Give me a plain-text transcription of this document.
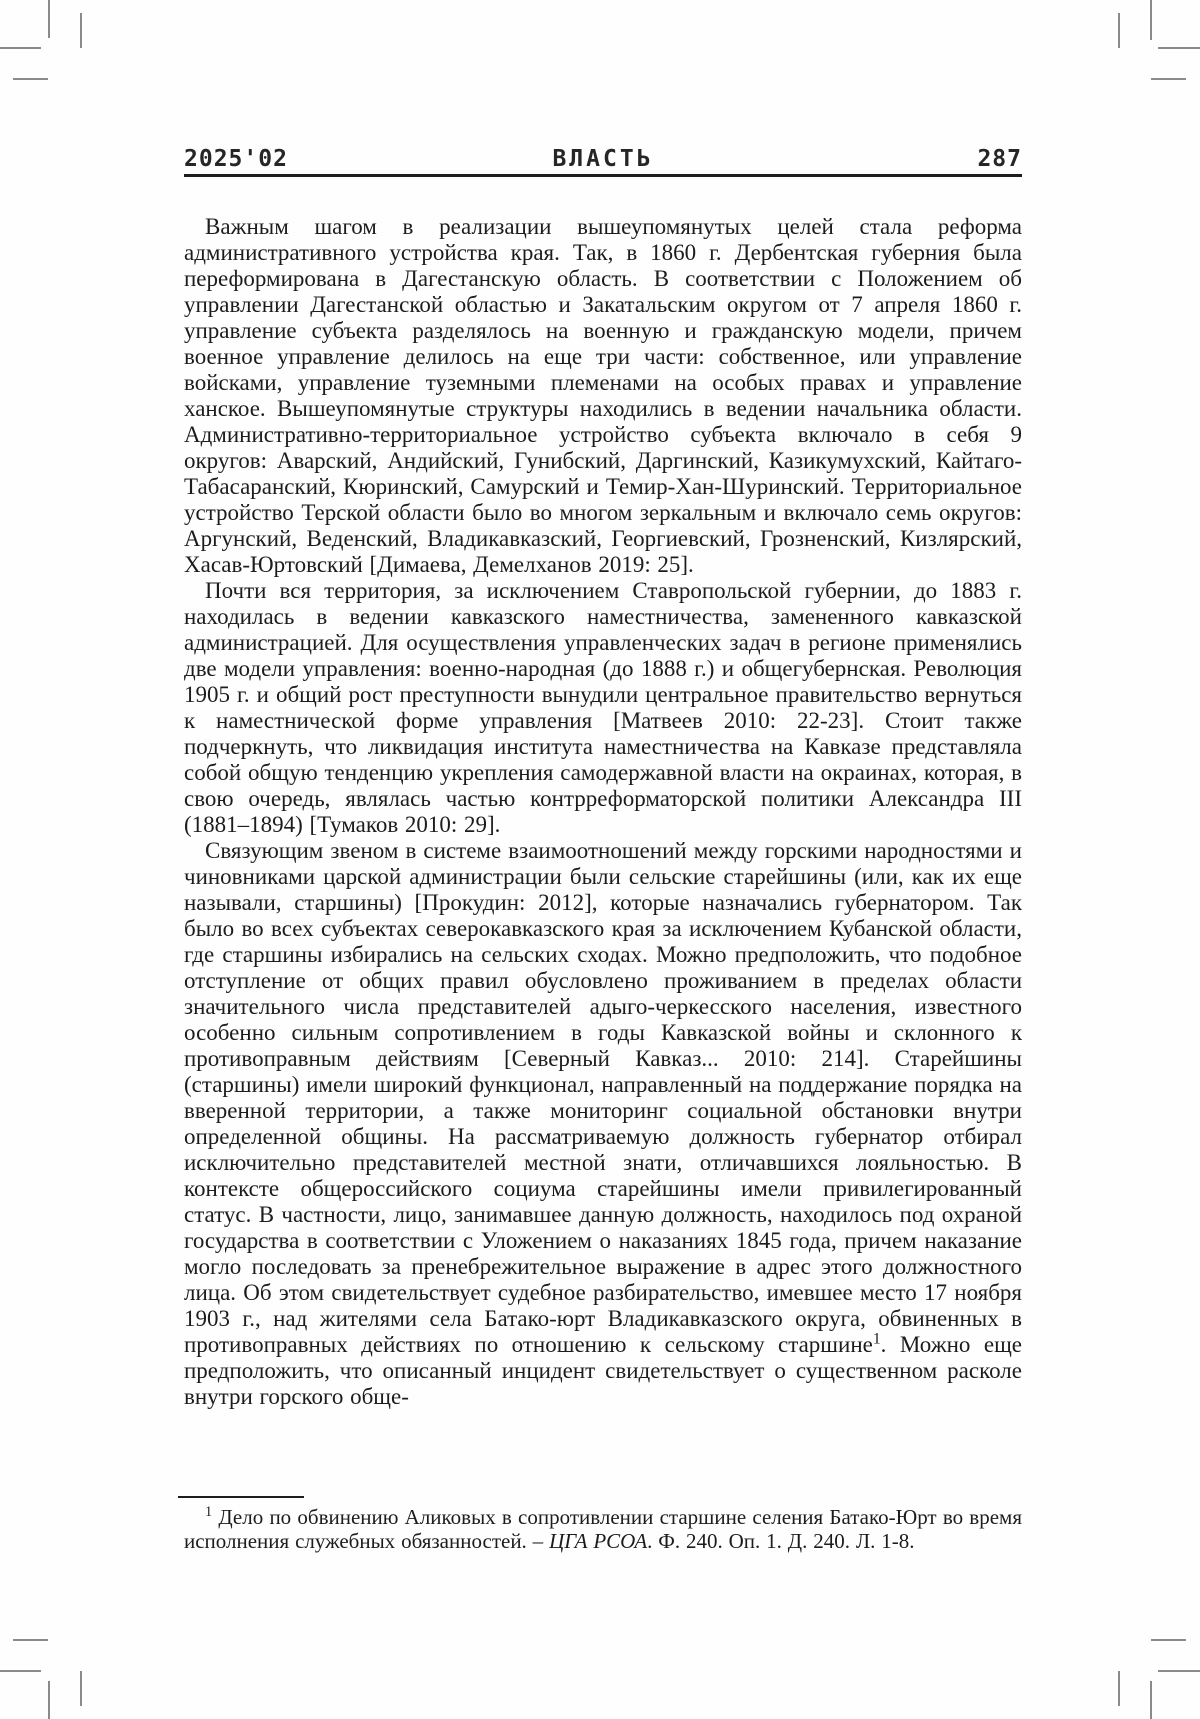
2025'02	ВЛАСТЬ	287

Важным шагом в реализации вышеупомянутых целей стала реформа административного устройства края. Так, в 1860 г. Дербентская губерния была переформирована в Дагестанскую область. В соответствии с Положением об управлении Дагестанской областью и Закатальским округом от 7 апреля 1860 г. управление субъекта разделялось на военную и гражданскую модели, причем военное управление делилось на еще три части: собственное, или управление войсками, управление туземными племенами на особых правах и управление ханское. Вышеупомянутые структуры находились в ведении начальника области. Административно-территориальное устройство субъекта включало в себя 9 округов: Аварский, Андийский, Гунибский, Даргинский, Казикумухский, Кайтаго-Табасаранский, Кюринский, Самурский и Темир-Хан-Шуринский. Территориальное устройство Терской области было во многом зеркальным и включало семь округов: Аргунский, Веденский, Владикавказский, Георгиевский, Грозненский, Кизлярский, Хасав-Юртовский [Димаева, Демелханов 2019: 25].

Почти вся территория, за исключением Ставропольской губернии, до 1883 г. находилась в ведении кавказского наместничества, замененного кавказской администрацией. Для осуществления управленческих задач в регионе применялись две модели управления: военно-народная (до 1888 г.) и общегубернская. Революция 1905 г. и общий рост преступности вынудили центральное правительство вернуться к наместнической форме управления [Матвеев 2010: 22-23]. Стоит также подчеркнуть, что ликвидация института наместничества на Кавказе представляла собой общую тенденцию укрепления самодержавной власти на окраинах, которая, в свою очередь, являлась частью контрреформаторской политики Александра III (1881–1894) [Тумаков 2010: 29].

Связующим звеном в системе взаимоотношений между горскими народностями и чиновниками царской администрации были сельские старейшины (или, как их еще называли, старшины) [Прокудин: 2012], которые назначались губернатором. Так было во всех субъектах северокавказского края за исключением Кубанской области, где старшины избирались на сельских сходах. Можно предположить, что подобное отступление от общих правил обусловлено проживанием в пределах области значительного числа представителей адыго-черкесского населения, известного особенно сильным сопротивлением в годы Кавказской войны и склонного к противоправным действиям [Северный Кавказ... 2010: 214]. Старейшины (старшины) имели широкий функционал, направленный на поддержание порядка на вверенной территории, а также мониторинг социальной обстановки внутри определенной общины. На рассматриваемую должность губернатор отбирал исключительно представителей местной знати, отличавшихся лояльностью. В контексте общероссийского социума старейшины имели привилегированный статус. В частности, лицо, занимавшее данную должность, находилось под охраной государства в соответствии с Уложением о наказаниях 1845 года, причем наказание могло последовать за пренебрежительное выражение в адрес этого должностного лица. Об этом свидетельствует судебное разбирательство, имевшее место 17 ноября 1903 г., над жителями села Батако-юрт Владикавказского округа, обвиненных в противоправных действиях по отношению к сельскому старшине$^1$. Можно еще предположить, что описанный инцидент свидетельствует о существенном расколе внутри горского обще-

$^1$ Дело по обвинению Аликовых в сопротивлении старшине селения Батако-Юрт во время исполнения служебных обязанностей. – ЦГА РСОА. Ф. 240. Оп. 1. Д. 240. Л. 1-8.
